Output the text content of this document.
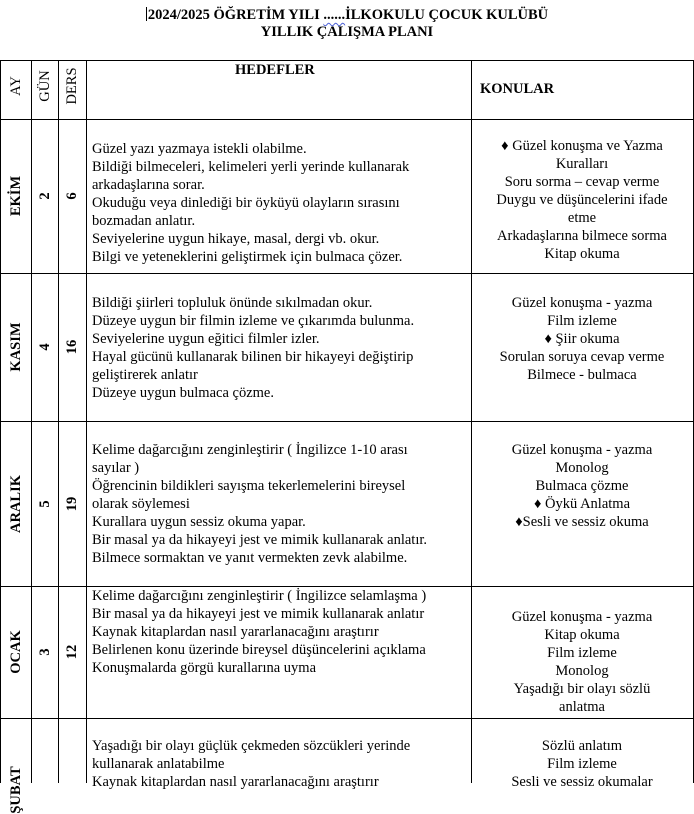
2024/2025 ÖĞRETİM YILI ......İLKOKULU ÇOCUK KULÜBÜ
YILLIK ÇALIŞMA PLANI
AY GÜN DERS	HEDEFLER
KONULAR
EKİM 2 6
Güzel yazı yazmaya istekli olabilme.
Bildiği bilmeceleri, kelimeleri yerli yerinde kullanarak
arkadaşlarına sorar.
Okuduğu veya dinlediği bir öyküyü olayların sırasını
bozmadan anlatır.
Seviyelerine uygun hikaye, masal, dergi vb. okur.
Bilgi ve yeteneklerini geliştirmek için bulmaca çözer.
♦ Güzel konuşma ve Yazma
Kuralları
Soru sorma – cevap verme
Duygu ve düşüncelerini ifade
etme
Arkadaşlarına bilmece sorma
Kitap okuma
KASIM 4 16
Bildiği şiirleri topluluk önünde sıkılmadan okur.
Düzeye uygun bir filmin izleme ve çıkarımda bulunma.
Seviyelerine uygun eğitici filmler izler.
Hayal gücünü kullanarak bilinen bir hikayeyi değiştirip
geliştirerek anlatır
Düzeye uygun bulmaca çözme.
Güzel konuşma - yazma
Film izleme
♦ Şiir okuma
Sorulan soruya cevap verme
Bilmece - bulmaca
ARALIK 5 19
Kelime dağarcığını zenginleştirir ( İngilizce 1-10 arası
sayılar )
Öğrencinin bildikleri sayışma tekerlemelerini bireysel
olarak söylemesi
Kurallara uygun sessiz okuma yapar.
Bir masal ya da hikayeyi jest ve mimik kullanarak anlatır.
Bilmece sormaktan ve yanıt vermekten zevk alabilme.
Güzel konuşma - yazma
Monolog
Bulmaca çözme
♦ Öykü Anlatma
♦Sesli ve sessiz okuma
OCAK 3 12
Kelime dağarcığını zenginleştirir ( İngilizce selamlaşma )
Bir masal ya da hikayeyi jest ve mimik kullanarak anlatır
Kaynak kitaplardan nasıl yararlanacağını araştırır
Belirlenen konu üzerinde bireysel düşüncelerini açıklama
Konuşmalarda görgü kurallarına uyma
Güzel konuşma - yazma
Kitap okuma
Film izleme
Monolog
Yaşadığı bir olayı sözlü
anlatma
ŞUBAT
Yaşadığı bir olayı güçlük çekmeden sözcükleri yerinde
kullanarak anlatabilme
Kaynak kitaplardan nasıl yararlanacağını araştırır
Sözlü anlatım
Film izleme
Sesli ve sessiz okumalar
